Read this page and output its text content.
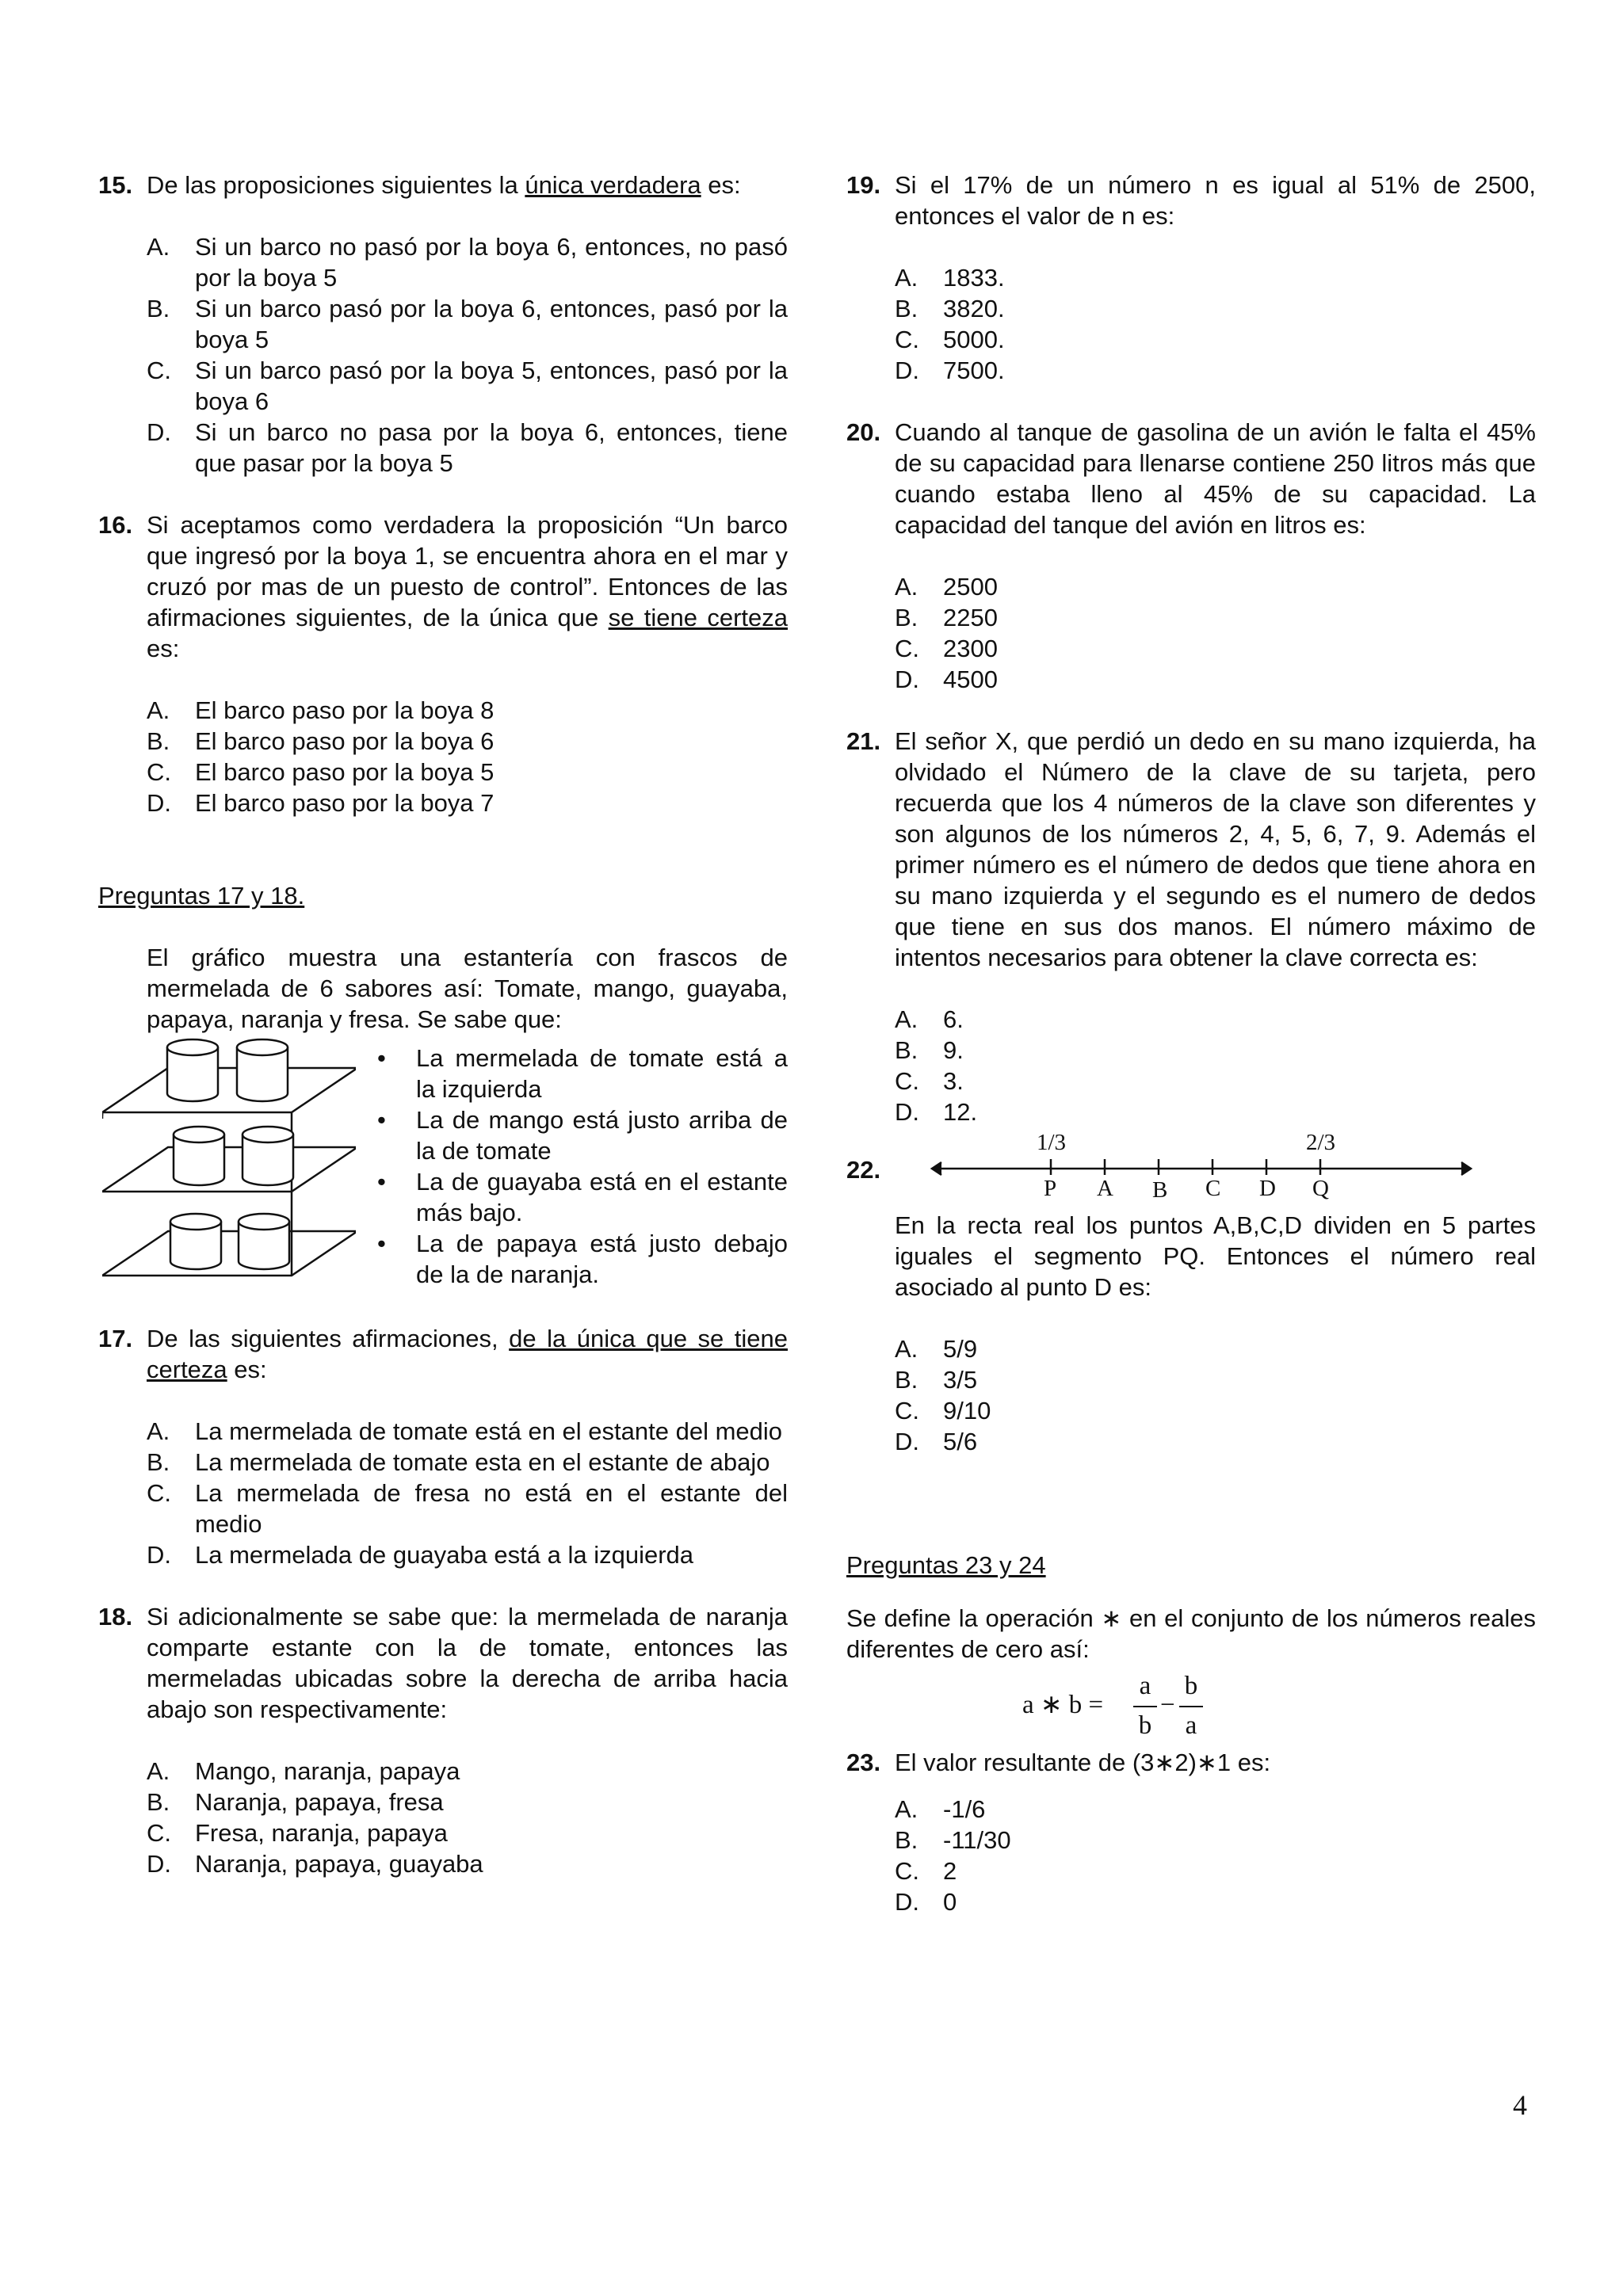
15. De las proposiciones siguientes la única verdadera es:
A. Si un barco no pasó por la boya 6, entonces, no pasó por la boya 5
B. Si un barco pasó por la boya 6, entonces, pasó por la boya 5
C. Si un barco pasó por la boya 5, entonces, pasó por la boya 6
D. Si un barco no pasa por la boya 6, entonces, tiene que pasar por la boya 5
16. Si aceptamos como verdadera la proposición “Un barco que ingresó por la boya 1, se encuentra ahora en el mar y cruzó por mas de un puesto de control”. Entonces de las afirmaciones siguientes, de la única que se tiene certeza es:
A. El barco paso por la boya 8
B. El barco paso por la boya 6
C. El barco paso por la boya 5
D. El barco paso por la boya 7
Preguntas 17 y 18.
El gráfico muestra una estantería con frascos de mermelada de 6 sabores así: Tomate, mango, guayaba, papaya, naranja y fresa. Se sabe que:
• La mermelada de tomate está a la izquierda
• La de mango está justo arriba de la de tomate
• La de guayaba está en el estante más bajo.
• La de papaya está justo debajo de la de naranja.
17. De las siguientes afirmaciones, de la única que se tiene certeza es:
A. La mermelada de tomate está en el estante del medio
B. La mermelada de tomate esta en el estante de abajo
C. La mermelada de fresa no está en el estante del medio
D. La mermelada de guayaba está a la izquierda
18. Si adicionalmente se sabe que: la mermelada de naranja comparte estante con la de tomate, entonces las mermeladas ubicadas sobre la derecha de arriba hacia abajo son respectivamente:
A. Mango, naranja, papaya
B. Naranja, papaya, fresa
C. Fresa, naranja, papaya
D. Naranja, papaya, guayaba
19. Si el 17% de un número n es igual al 51% de 2500, entonces el valor de n es:
A. 1833.
B. 3820.
C. 5000.
D. 7500.
20. Cuando al tanque de gasolina de un avión le falta el 45% de su capacidad para llenarse contiene 250 litros más que cuando estaba lleno al 45% de su capacidad. La capacidad del tanque del avión en litros es:
A. 2500
B. 2250
C. 2300
D. 4500
21. El señor X, que perdió un dedo en su mano izquierda, ha olvidado el Número de la clave de su tarjeta, pero recuerda que los 4 números de la clave son diferentes y son algunos de los números 2, 4, 5, 6, 7, 9. Además el primer número es el número de dedos que tiene ahora en su mano izquierda y el segundo es el numero de dedos que tiene en sus dos manos. El número máximo de intentos necesarios para obtener la clave correcta es:
A. 6.
B. 9.
C. 3.
D. 12.
22.
1/3	2/3
P A B C D Q
En la recta real los puntos A,B,C,D dividen en 5 partes iguales el segmento PQ. Entonces el número real asociado al punto D es:
A. 5/9
B. 3/5
C. 9/10
D. 5/6
Preguntas 23 y 24
Se define la operación ∗ en el conjunto de los números reales diferentes de cero así:
a ∗ b =
a
b
−
b
a
23. El valor resultante de (3∗2)∗1 es:
A. -1/6
B. -11/30
C. 2
D. 0
4
